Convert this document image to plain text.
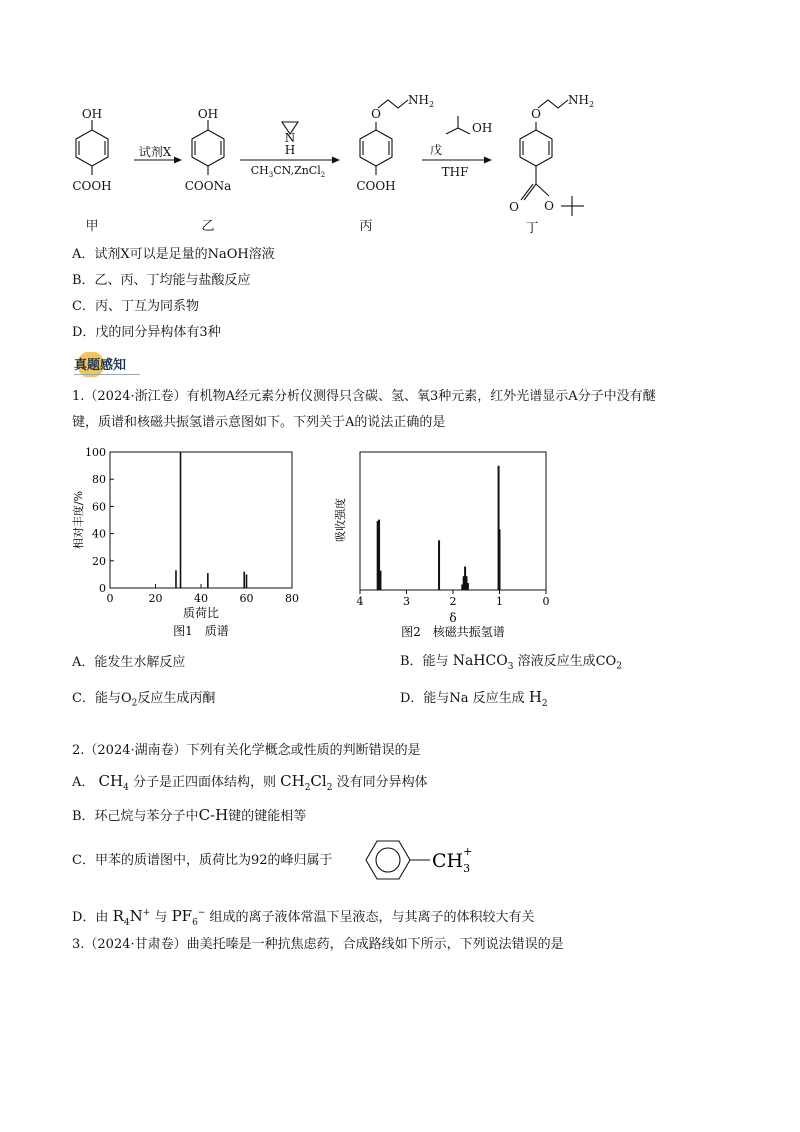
OH	OH
COOH	COONa	COOH
O	O
O
O
$NH_2$	$NH_2$
试剂X
N
H
$CH_3CN,ZnCl_2$
戊
OH
THF
甲	乙	丙	丁
A．试剂X可以是足量的NaOH溶液
B．乙、丙、丁均能与盐酸反应
C．丙、丁互为同系物
D．戊的同分异构体有3种
真题感知
1.（2024·浙江卷）有机物A经元素分析仪测得只含碳、氢、氧3种元素，红外光谱显示A分子中没有醚
键，质谱和核磁共振氢谱示意图如下。下列关于A的说法正确的是
0	20	40	60	80
0
20
40
60
80
100
相对丰度/%
质荷比
图1　质谱
4	3	2	1	0
吸收强度
δ
图2　核磁共振氢谱
A．能发生水解反应	B．能与 NaHCO$_3$ 溶液反应生成$CO_2$
C．能与$O_2$反应生成丙酮	D．能与Na 反应生成 $H_2$
2.（2024·湖南卷）下列有关化学概念或性质的判断错误的是
A． $CH_4$ 分子是正四面体结构，则 $CH_2Cl_2$ 没有同分异构体
B．环己烷与苯分子中C-H键的键能相等
C．甲苯的质谱图中，质荷比为92的峰归属于	$CH_3+$
D．由 $R_4N^+$ 与 $PF_6^-$ 组成的离子液体常温下呈液态，与其离子的体积较大有关
3.（2024·甘肃卷）曲美托嗪是一种抗焦虑药，合成路线如下所示，下列说法错误的是
